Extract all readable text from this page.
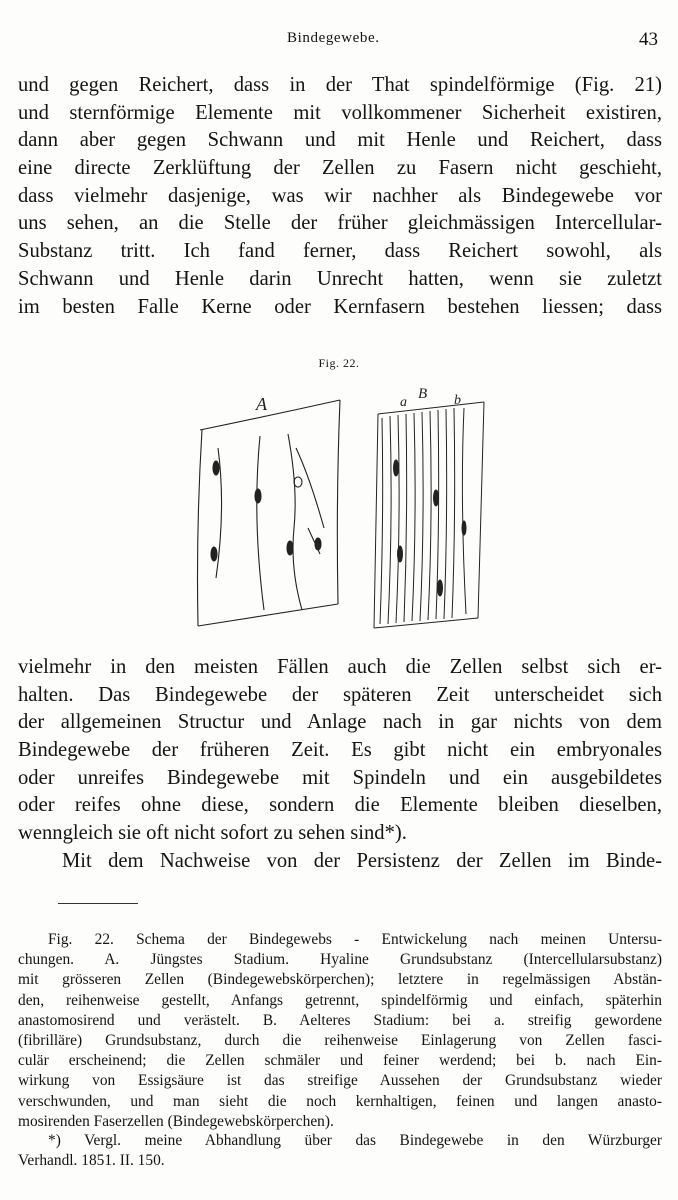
Bindegewebe.	43
und gegen Reichert, dass in der That spindelförmige (Fig. 21)
und sternförmige Elemente mit vollkommener Sicherheit existiren,
dann aber gegen Schwann und mit Henle und Reichert, dass
eine directe Zerklüftung der Zellen zu Fasern nicht geschieht,
dass vielmehr dasjenige, was wir nachher als Bindegewebe vor
uns sehen, an die Stelle der früher gleichmässigen Intercellular-
Substanz tritt. Ich fand ferner, dass Reichert sowohl, als
Schwann und Henle darin Unrecht hatten, wenn sie zuletzt
im besten Falle Kerne oder Kernfasern bestehen liessen; dass
Fig. 22.
A	B
a	b
vielmehr in den meisten Fällen auch die Zellen selbst sich er-
halten. Das Bindegewebe der späteren Zeit unterscheidet sich
der allgemeinen Structur und Anlage nach in gar nichts von dem
Bindegewebe der früheren Zeit. Es gibt nicht ein embryonales
oder unreifes Bindegewebe mit Spindeln und ein ausgebildetes
oder reifes ohne diese, sondern die Elemente bleiben dieselben,
wenngleich sie oft nicht sofort zu sehen sind*).
Mit dem Nachweise von der Persistenz der Zellen im Binde-
Fig. 22. Schema der Bindegewebs - Entwickelung nach meinen Untersu-
chungen. A. Jüngstes Stadium. Hyaline Grundsubstanz (Intercellularsubstanz)
mit grösseren Zellen (Bindegewebskörperchen); letztere in regelmässigen Abstän-
den, reihenweise gestellt, Anfangs getrennt, spindelförmig und einfach, späterhin
anastomosirend und verästelt. B. Aelteres Stadium: bei a. streifig gewordene
(fibrilläre) Grundsubstanz, durch die reihenweise Einlagerung von Zellen fasci-
culär erscheinend; die Zellen schmäler und feiner werdend; bei b. nach Ein-
wirkung von Essigsäure ist das streifige Aussehen der Grundsubstanz wieder
verschwunden, und man sieht die noch kernhaltigen, feinen und langen anasto-
mosirenden Faserzellen (Bindegewebskörperchen).
*) Vergl. meine Abhandlung über das Bindegewebe in den Würzburger
Verhandl. 1851. II. 150.
